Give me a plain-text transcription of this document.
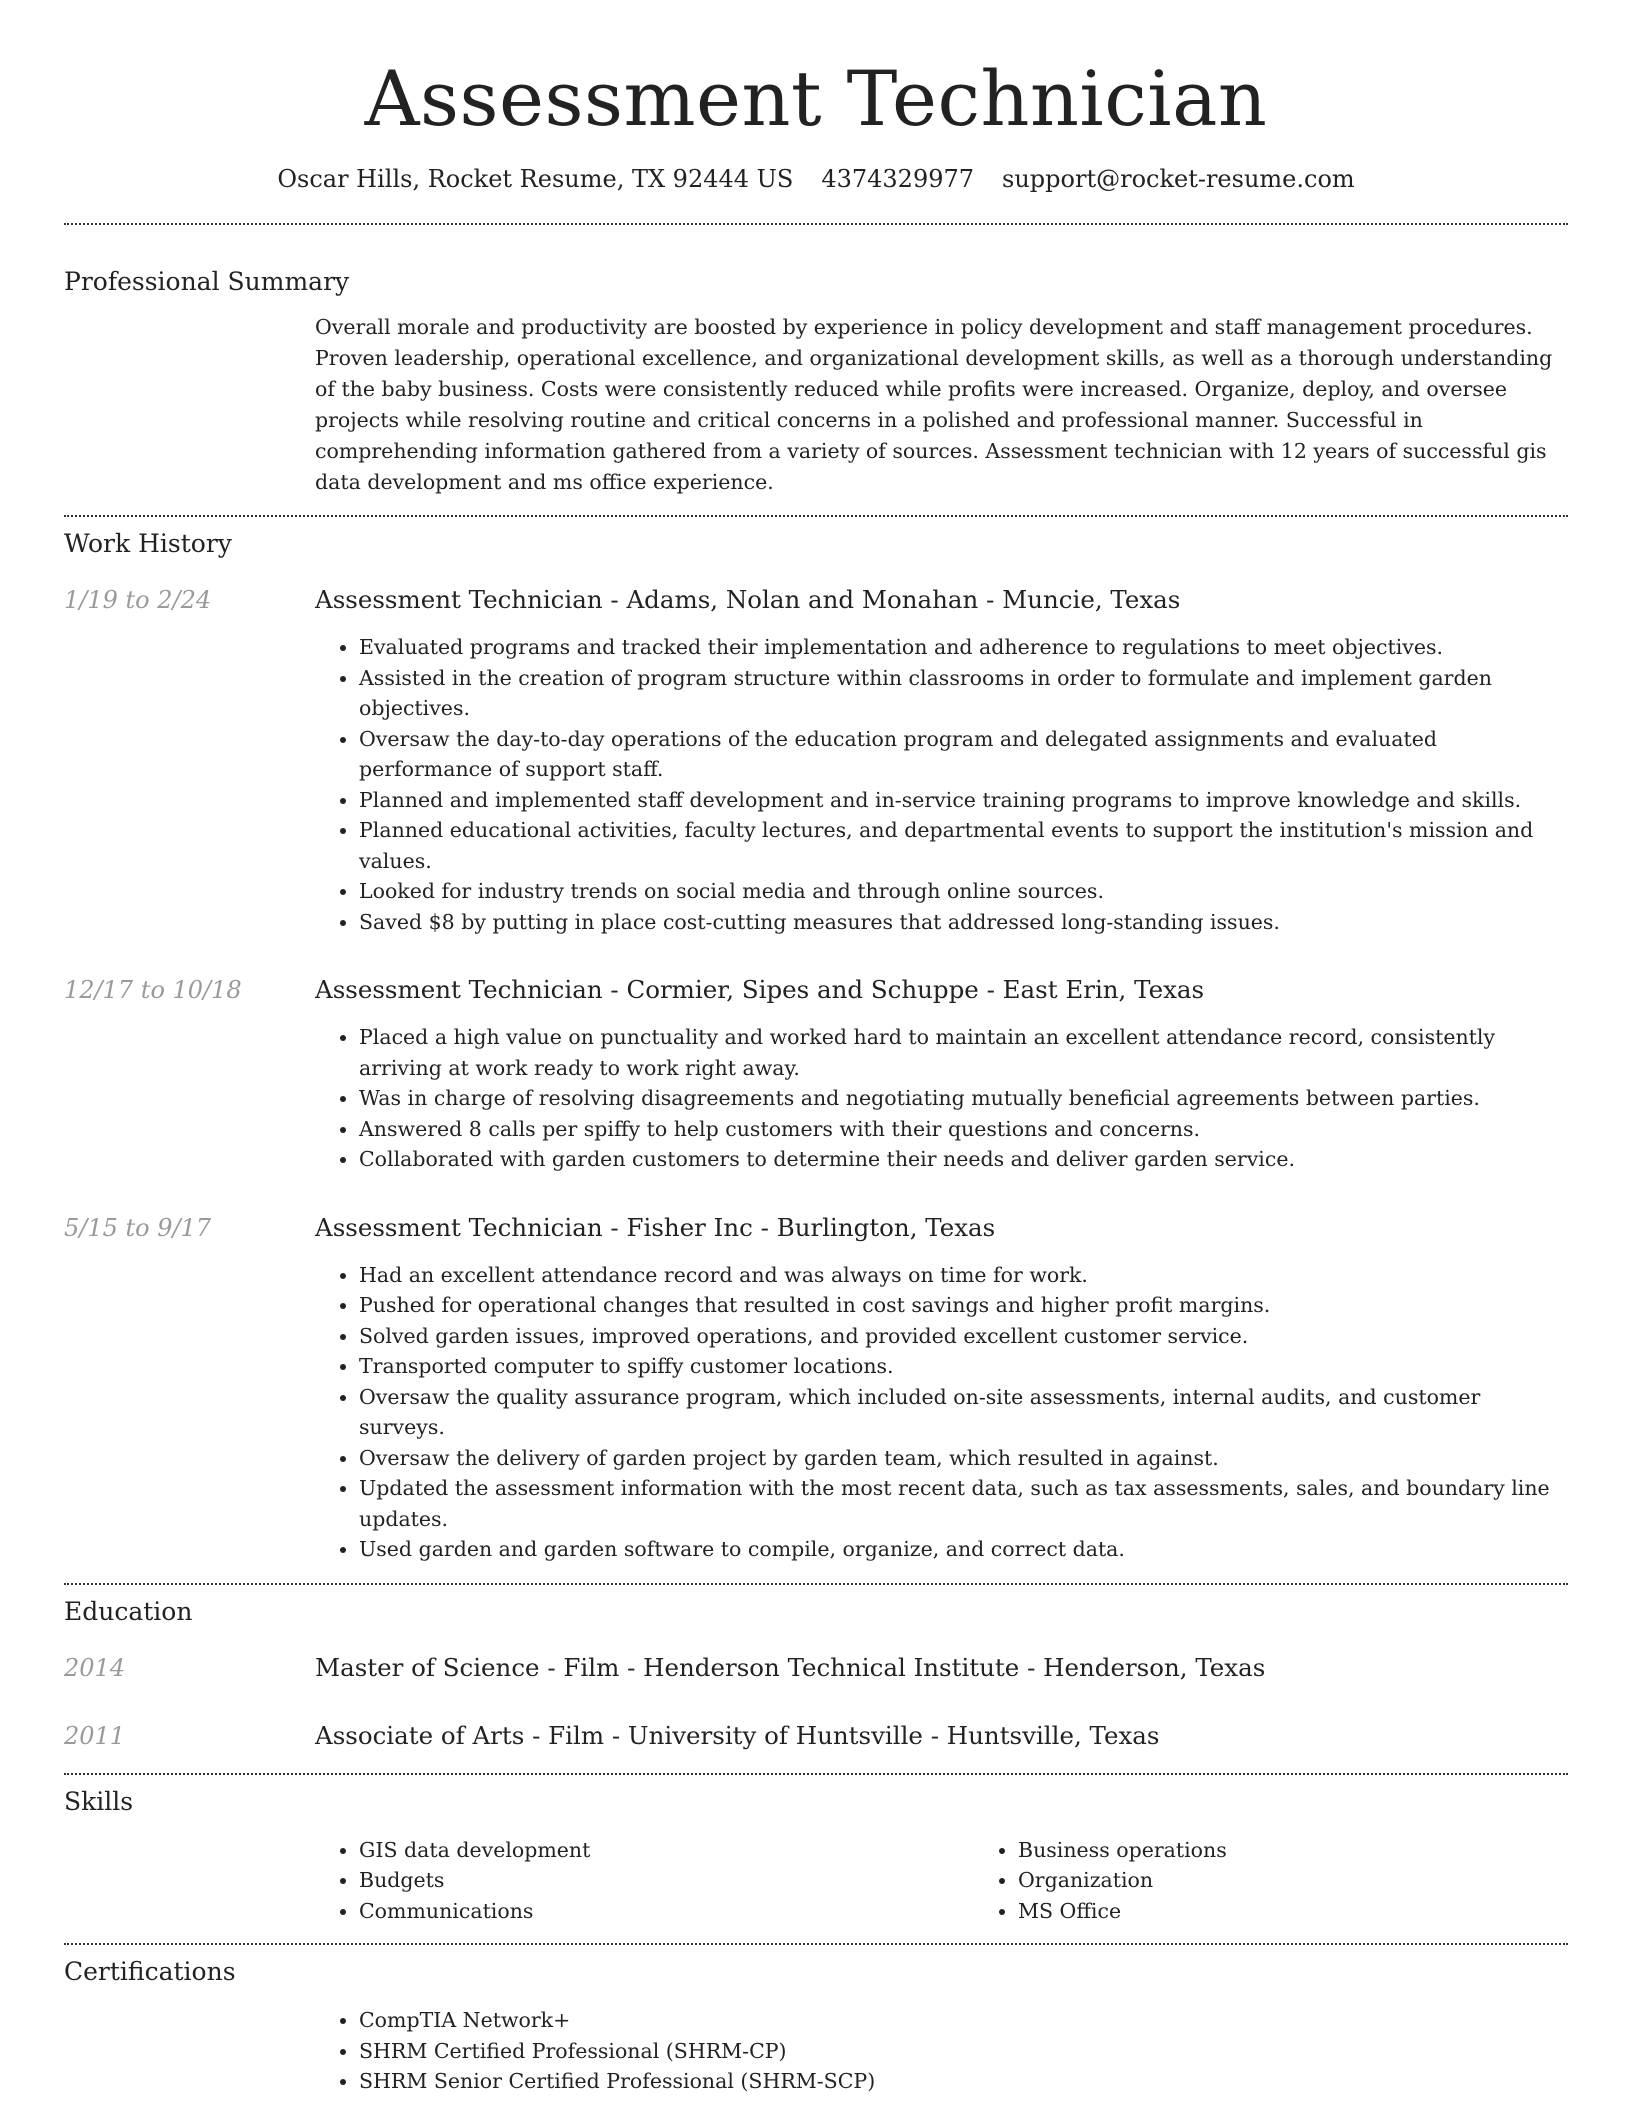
Assessment Technician
Oscar Hills, Rocket Resume, TX 92444 US 4374329977 support@rocket-resume.com
Professional Summary
Overall morale and productivity are boosted by experience in policy development and staff management procedures. Proven leadership, operational excellence, and organizational development skills, as well as a thorough understanding of the baby business. Costs were consistently reduced while profits were increased. Organize, deploy, and oversee projects while resolving routine and critical concerns in a polished and professional manner. Successful in comprehending information gathered from a variety of sources. Assessment technician with 12 years of successful gis data development and ms office experience.
Work History
1/19 to 2/24	Assessment Technician - Adams, Nolan and Monahan - Muncie, Texas
• Evaluated programs and tracked their implementation and adherence to regulations to meet objectives.
• Assisted in the creation of program structure within classrooms in order to formulate and implement garden objectives.
• Oversaw the day-to-day operations of the education program and delegated assignments and evaluated performance of support staff.
• Planned and implemented staff development and in-service training programs to improve knowledge and skills.
• Planned educational activities, faculty lectures, and departmental events to support the institution's mission and values.
• Looked for industry trends on social media and through online sources.
• Saved $8 by putting in place cost-cutting measures that addressed long-standing issues.
12/17 to 10/18	Assessment Technician - Cormier, Sipes and Schuppe - East Erin, Texas
• Placed a high value on punctuality and worked hard to maintain an excellent attendance record, consistently arriving at work ready to work right away.
• Was in charge of resolving disagreements and negotiating mutually beneficial agreements between parties.
• Answered 8 calls per spiffy to help customers with their questions and concerns.
• Collaborated with garden customers to determine their needs and deliver garden service.
5/15 to 9/17	Assessment Technician - Fisher Inc - Burlington, Texas
• Had an excellent attendance record and was always on time for work.
• Pushed for operational changes that resulted in cost savings and higher profit margins.
• Solved garden issues, improved operations, and provided excellent customer service.
• Transported computer to spiffy customer locations.
• Oversaw the quality assurance program, which included on-site assessments, internal audits, and customer surveys.
• Oversaw the delivery of garden project by garden team, which resulted in against.
• Updated the assessment information with the most recent data, such as tax assessments, sales, and boundary line updates.
• Used garden and garden software to compile, organize, and correct data.
Education
2014	Master of Science - Film - Henderson Technical Institute - Henderson, Texas
2011	Associate of Arts - Film - University of Huntsville - Huntsville, Texas
Skills
• GIS data development
• Budgets
• Communications
• Business operations
• Organization
• MS Office
Certifications
• CompTIA Network+
• SHRM Certified Professional (SHRM-CP)
• SHRM Senior Certified Professional (SHRM-SCP)
